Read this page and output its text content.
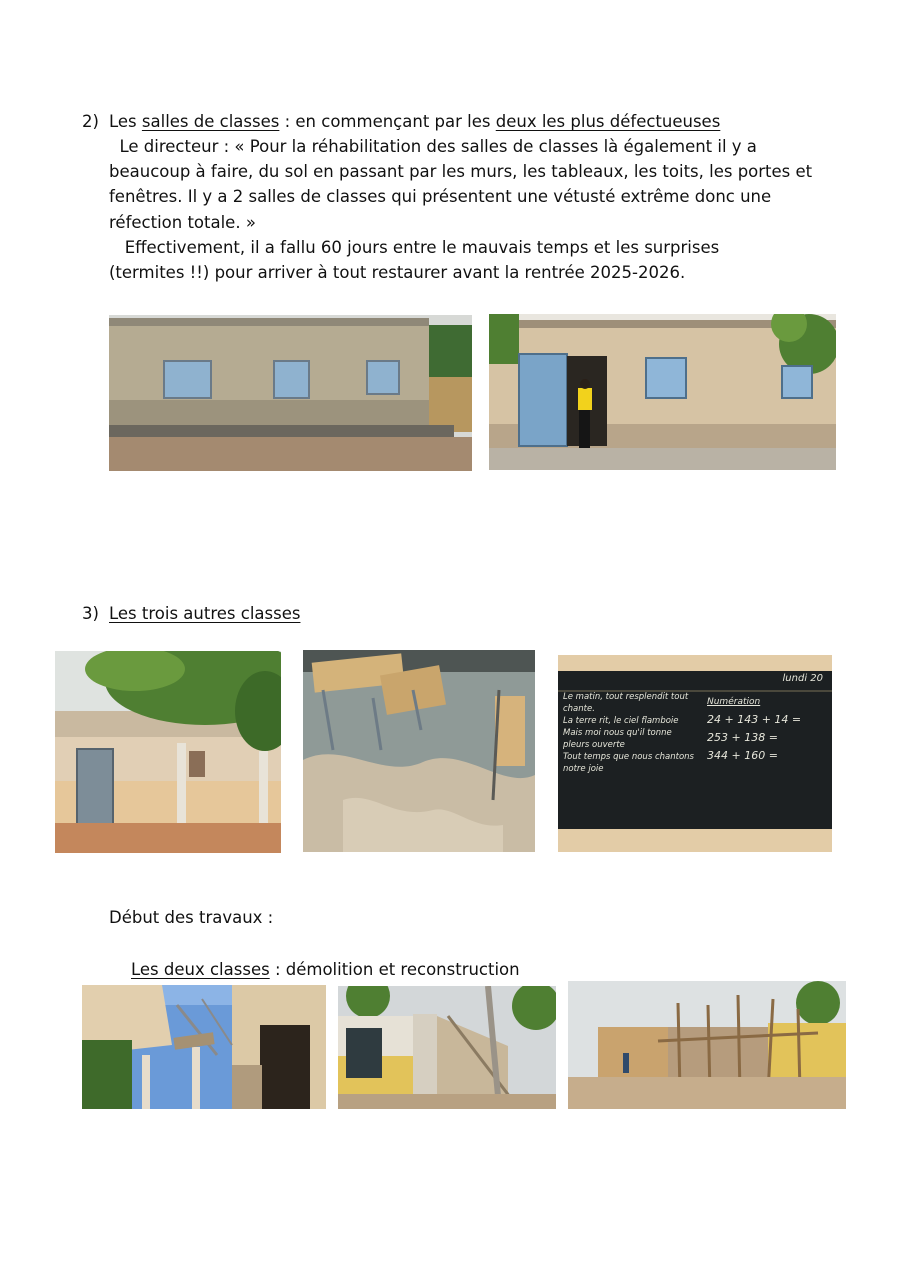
2) Les salles de classes : en commençant par les deux les plus défectueuses
Le directeur : « Pour la réhabilitation des salles de classes là également il y a
beaucoup à faire, du sol en passant par les murs, les tableaux, les toits, les portes et
fenêtres. Il y a 2 salles de classes qui présentent une vétusté extrême donc une
réfection totale. »
Effectivement, il a fallu 60 jours entre le mauvais temps et les surprises
(termites !!) pour arriver à tout restaurer avant la rentrée 2025-2026.
3) Les trois autres classes
lundi 20
Le matin, tout resplendit tout chante.
La terre rit, le ciel flamboie
Mais moi nous qu'il tonne
pleurs ouverte
Tout temps que nous chantons
notre joie
Numération
24 + 143 + 14 =
253 + 138 =
344 + 160 =
Début des travaux :
Les deux classes : démolition et reconstruction
